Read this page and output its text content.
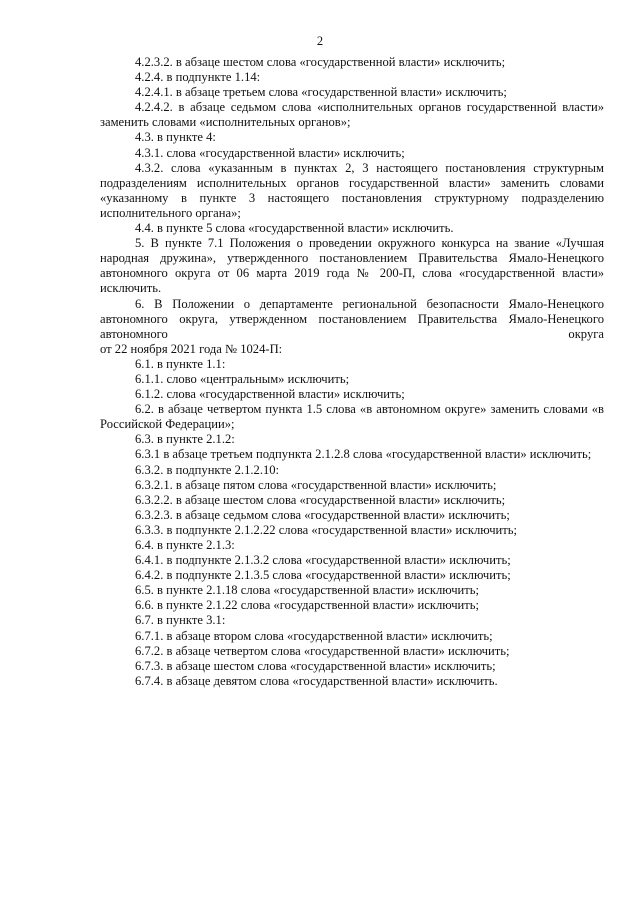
2

4.2.3.2. в абзаце шестом слова «государственной власти» исключить;

4.2.4. в подпункте 1.14:

4.2.4.1. в абзаце третьем слова «государственной власти» исключить;

4.2.4.2. в абзаце седьмом слова «исполнительных органов государственной власти» заменить словами «исполнительных органов»;

4.3. в пункте 4:

4.3.1. слова «государственной власти» исключить;

4.3.2. слова «указанным в пунктах 2, 3 настоящего постановления структурным подразделениям исполнительных органов государственной власти» заменить словами «указанному в пункте 3 настоящего постановления структурному подразделению исполнительного органа»;

4.4. в пункте 5 слова «государственной власти» исключить.

5. В пункте 7.1 Положения о проведении окружного конкурса на звание «Лучшая народная дружина», утвержденного постановлением Правительства Ямало-Ненецкого автономного округа от 06 марта 2019 года № 200-П, слова «государственной власти» исключить.

6. В Положении о департаменте региональной безопасности Ямало-Ненецкого автономного округа, утвержденном постановлением Правительства Ямало-Ненецкого автономного округа

от 22 ноября 2021 года № 1024-П:

6.1. в пункте 1.1:

6.1.1. слово «центральным» исключить;

6.1.2. слова «государственной власти» исключить;

6.2. в абзаце четвертом пункта 1.5 слова «в автономном округе» заменить словами «в Российской Федерации»;

6.3. в пункте 2.1.2:

6.3.1 в абзаце третьем подпункта 2.1.2.8 слова «государственной власти» исключить;

6.3.2. в подпункте 2.1.2.10:

6.3.2.1. в абзаце пятом слова «государственной власти» исключить;

6.3.2.2. в абзаце шестом слова «государственной власти» исключить;

6.3.2.3. в абзаце седьмом слова «государственной власти» исключить;

6.3.3. в подпункте 2.1.2.22 слова «государственной власти» исключить;

6.4. в пункте 2.1.3:

6.4.1. в подпункте 2.1.3.2 слова «государственной власти» исключить;

6.4.2. в подпункте 2.1.3.5 слова «государственной власти» исключить;

6.5. в пункте 2.1.18 слова «государственной власти» исключить;

6.6. в пункте 2.1.22 слова «государственной власти» исключить;

6.7. в пункте 3.1:

6.7.1. в абзаце втором слова «государственной власти» исключить;

6.7.2. в абзаце четвертом слова «государственной власти» исключить;

6.7.3. в абзаце шестом слова «государственной власти» исключить;

6.7.4. в абзаце девятом слова «государственной власти» исключить.
